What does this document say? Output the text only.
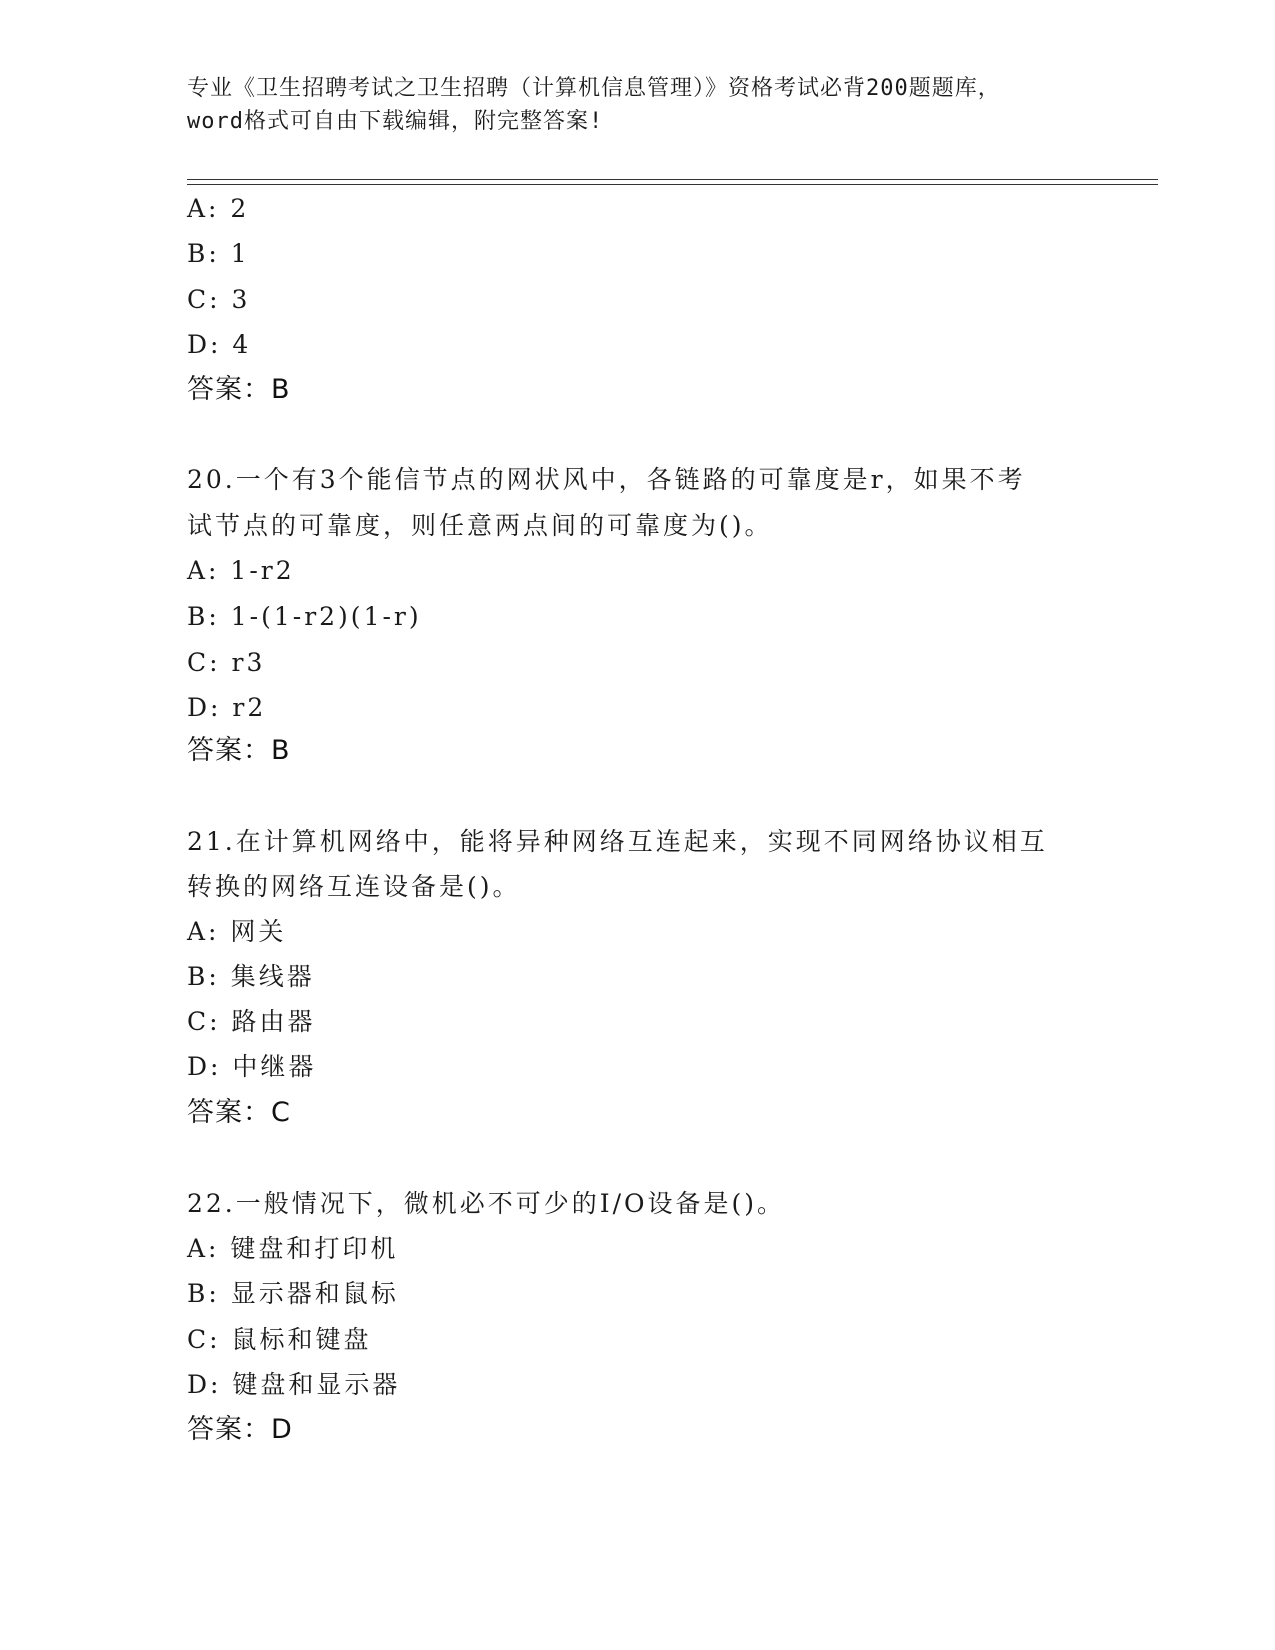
专业《卫生招聘考试之卫生招聘（计算机信息管理）》资格考试必背200题题库，
word格式可自由下载编辑，附完整答案!
A: 2
B: 1
C: 3
D: 4
答案：B
20.一个有3个能信节点的网状风中，各链路的可靠度是r，如果不考
试节点的可靠度，则任意两点间的可靠度为()。
A: 1-r2
B: 1-(1-r2)(1-r)
C: r3
D: r2
答案：B
21.在计算机网络中，能将异种网络互连起来，实现不同网络协议相互
转换的网络互连设备是()。
A: 网关
B: 集线器
C: 路由器
D: 中继器
答案：C
22.一般情况下，微机必不可少的I/O设备是()。
A: 键盘和打印机
B: 显示器和鼠标
C: 鼠标和键盘
D: 键盘和显示器
答案：D
